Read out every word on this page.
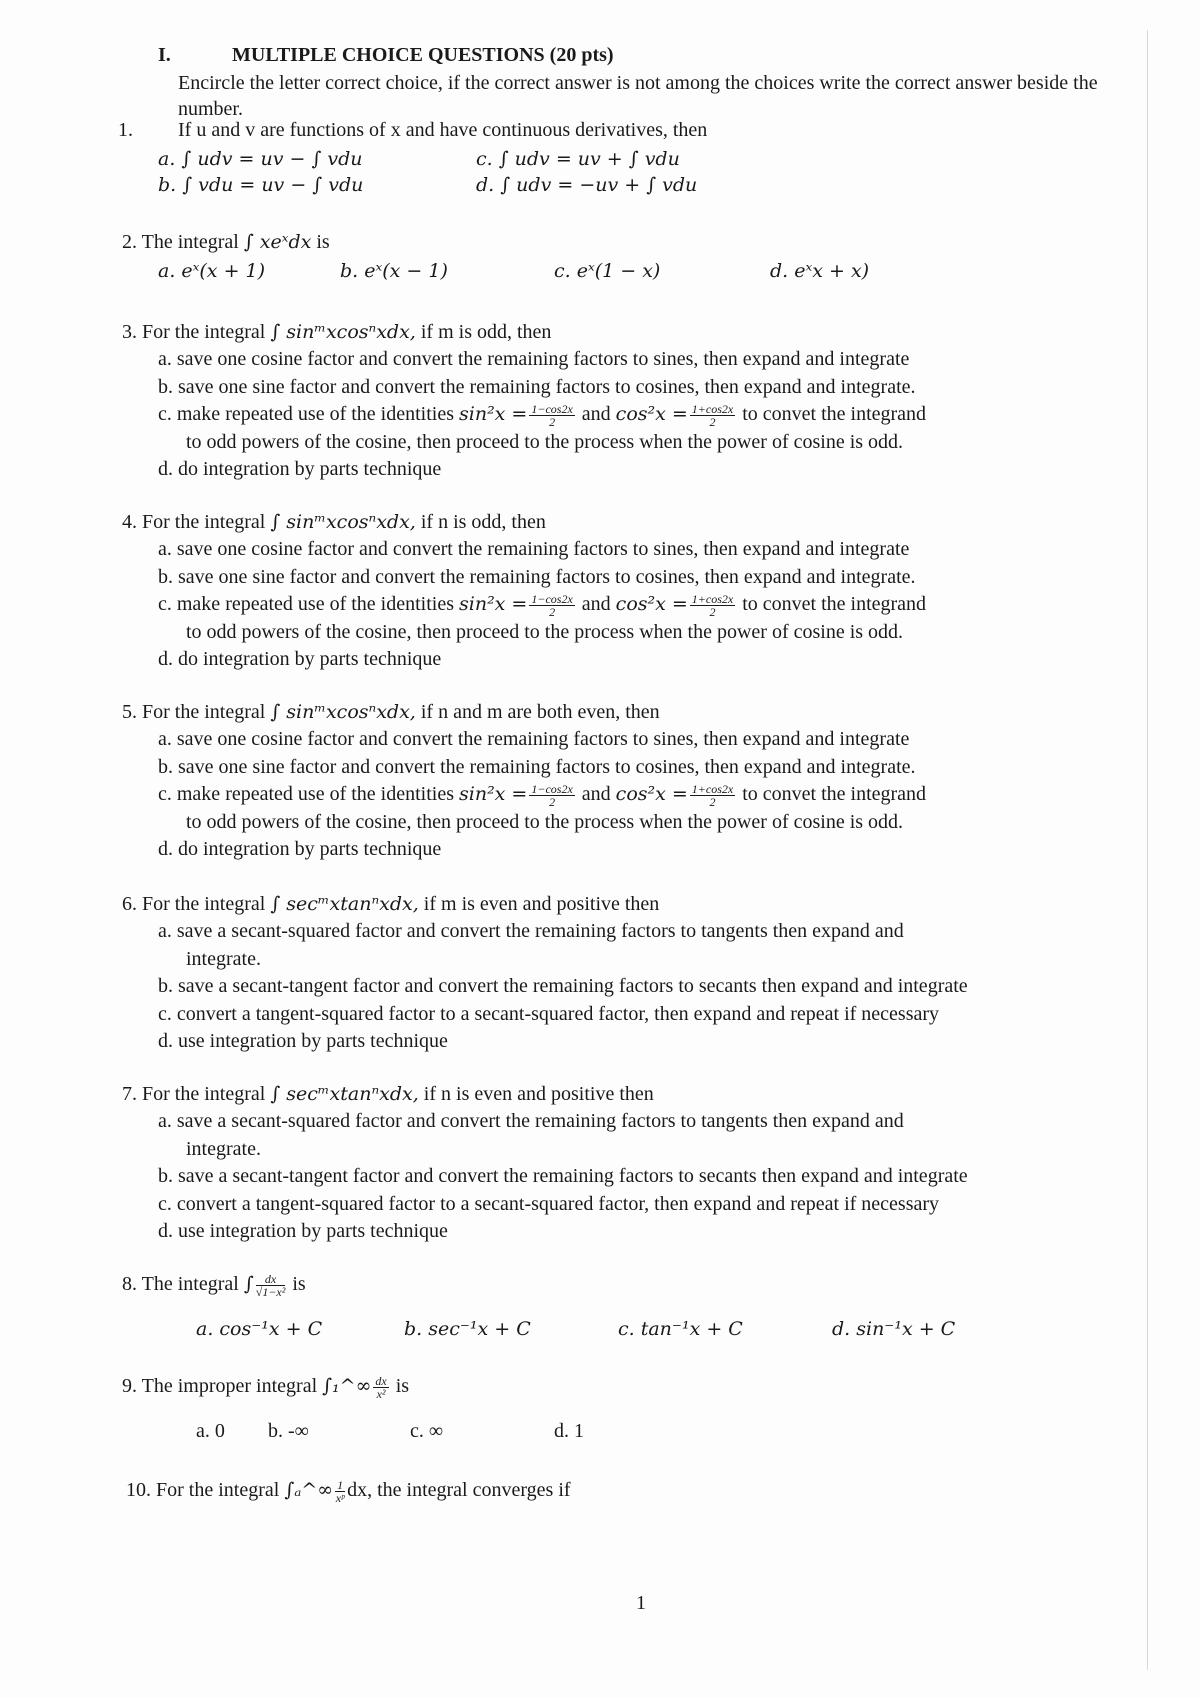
I.	MULTIPLE CHOICE QUESTIONS (20 pts)
Encircle the letter correct choice, if the correct answer is not among the choices write the correct answer beside the number.
1. If u and v are functions of x and have continuous derivatives, then
a. ∫ udv = uv − ∫ vdu
b. ∫ vdu = uv − ∫ vdu
c. ∫ udv = uv + ∫ vdu
d. ∫ udv = −uv + ∫ vdu
2. The integral ∫ xeˣdx is
a. eˣ(x + 1)	b. eˣ(x − 1)	c. eˣ(1 − x)	d. eˣx + x)
3. For the integral ∫ sinᵐxcosⁿxdx, if m is odd, then
a. save one cosine factor and convert the remaining factors to sines, then expand and integrate
b. save one sine factor and convert the remaining factors to cosines, then expand and integrate.
c. make repeated use of the identities $\sin^2x = \frac{1-\cos 2x}{2}$ and $\cos^2x = \frac{1+\cos 2x}{2}$ to convet the integrand
to odd powers of the cosine, then proceed to the process when the power of cosine is odd.
d. do integration by parts technique
4. For the integral ∫ sinᵐxcosⁿxdx, if n is odd, then
a. save one cosine factor and convert the remaining factors to sines, then expand and integrate
b. save one sine factor and convert the remaining factors to cosines, then expand and integrate.
c. make repeated use of the identities $\sin^2x = \frac{1-\cos 2x}{2}$ and $\cos^2x = \frac{1+\cos 2x}{2}$ to convet the integrand
to odd powers of the cosine, then proceed to the process when the power of cosine is odd.
d. do integration by parts technique
5. For the integral ∫ sinᵐxcosⁿxdx, if n and m are both even, then
a. save one cosine factor and convert the remaining factors to sines, then expand and integrate
b. save one sine factor and convert the remaining factors to cosines, then expand and integrate.
c. make repeated use of the identities $\sin^2x = \frac{1-\cos 2x}{2}$ and $\cos^2x = \frac{1+\cos 2x}{2}$ to convet the integrand
to odd powers of the cosine, then proceed to the process when the power of cosine is odd.
d. do integration by parts technique
6. For the integral ∫ secᵐxtanⁿxdx, if m is even and positive then
a. save a secant-squared factor and convert the remaining factors to tangents then expand and
integrate.
b. save a secant-tangent factor and convert the remaining factors to secants then expand and integrate
c. convert a tangent-squared factor to a secant-squared factor, then expand and repeat if necessary
d. use integration by parts technique
7. For the integral ∫ secᵐxtanⁿxdx, if n is even and positive then
a. save a secant-squared factor and convert the remaining factors to tangents then expand and
integrate.
b. save a secant-tangent factor and convert the remaining factors to secants then expand and integrate
c. convert a tangent-squared factor to a secant-squared factor, then expand and repeat if necessary
d. use integration by parts technique
8. The integral ∫ $\frac{dx}{\text{√1−x²}}$ is
a. cos⁻¹x + C	b. sec⁻¹x + C	c. tan⁻¹x + C	d. sin⁻¹x + C
9. The improper integral ∫₁^∞ $\frac{dx}{\text{x²}}$ is
a. 0 b. -∞	c. ∞	d. 1
10. For the integral ∫ₐ^∞ $\frac{1}{\text{xᵖ}}$ dx, the integral converges if
1
